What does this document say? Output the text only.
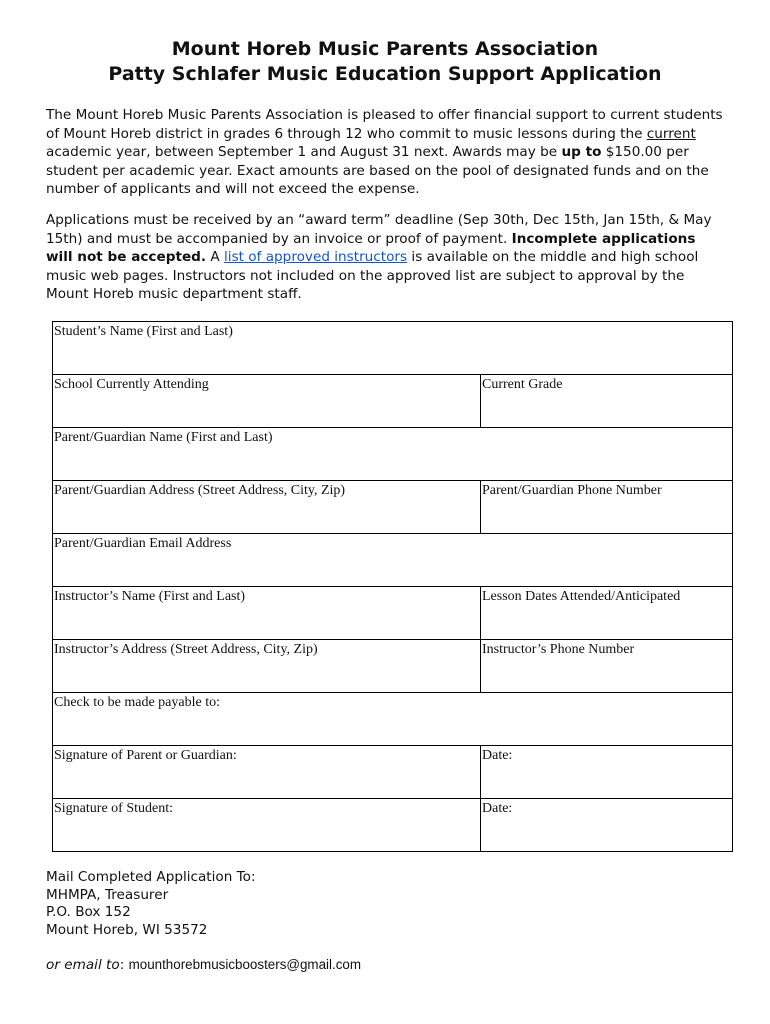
Mount Horeb Music Parents Association
Patty Schlafer Music Education Support Application
The Mount Horeb Music Parents Association is pleased to offer financial support to current students of Mount Horeb district in grades 6 through 12 who commit to music lessons during the current academic year, between September 1 and August 31 next. Awards may be up to $150.00 per student per academic year. Exact amounts are based on the pool of designated funds and on the number of applicants and will not exceed the expense.
Applications must be received by an “award term” deadline (Sep 30th, Dec 15th, Jan 15th, & May 15th) and must be accompanied by an invoice or proof of payment. Incomplete applications will not be accepted. A list of approved instructors is available on the middle and high school music web pages. Instructors not included on the approved list are subject to approval by the Mount Horeb music department staff.
Student’s Name (First and Last)	
School Currently Attending	Current Grade
Parent/Guardian Name (First and Last)	
Parent/Guardian Address (Street Address, City, Zip)	Parent/Guardian Phone Number
Parent/Guardian Email Address	
Instructor’s Name (First and Last)	Lesson Dates Attended/Anticipated
Instructor’s Address (Street Address, City, Zip)	Instructor’s Phone Number
Check to be made payable to:	
Signature of Parent or Guardian:	Date:
Signature of Student:	Date:
Mail Completed Application To:
MHMPA, Treasurer
P.O. Box 152
Mount Horeb, WI 53572
or email to: mounthorebmusicboosters@gmail.com
